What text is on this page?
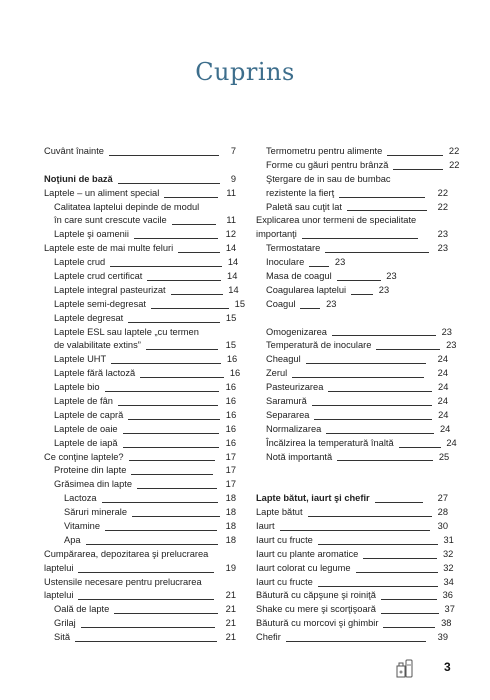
Cuprins
Cuvânt înainte	7
Noţiuni de bază	9
Laptele – un aliment special	11
Calitatea laptelui depinde de modul
în care sunt crescute vacile	11
Laptele şi oamenii	12
Laptele este de mai multe feluri	14
Laptele crud	14
Laptele crud certificat	14
Laptele integral pasteurizat	14
Laptele semi-degresat	15
Laptele degresat	15
Laptele ESL sau laptele „cu termen
de valabilitate extins”	15
Laptele UHT	16
Laptele fără lactoză	16
Laptele bio	16
Laptele de fân	16
Laptele de capră	16
Laptele de oaie	16
Laptele de iapă	16
Ce conţine laptele?	17
Proteine din lapte	17
Grăsimea din lapte	17
Lactoza	18
Săruri minerale	18
Vitamine	18
Apa	18
Cumpărarea, depozitarea şi prelucrarea
laptelui	19
Ustensile necesare pentru prelucrarea
laptelui	21
Oală de lapte	21
Grilaj	21
Sită	21
Termometru pentru alimente	22
Forme cu găuri pentru brânză	22
Ştergare de in sau de bumbac
rezistente la fierţ	22
Paletă sau cuţit lat	22
Explicarea unor termeni de specialitate
importanţi	23
Termostatare	23
Inoculare	23
Masa de coagul	23
Coagularea laptelui	23
Coagul	23
Omogenizarea	23
Temperatură de inoculare	23
Cheagul	24
Zerul	24
Pasteurizarea	24
Saramură	24
Separarea	24
Normalizarea	24
Încălzirea la temperatură înaltă	24
Notă importantă	25
Lapte bătut, iaurt şi chefir	27
Lapte bătut	28
Iaurt	30
Iaurt cu fructe	31
Iaurt cu plante aromatice	32
Iaurt colorat cu legume	32
Iaurt cu fructe	34
Băutură cu căpşune şi roiniţă	36
Shake cu mere şi scorţişoară	37
Băutură cu morcovi şi ghimbir	38
Chefir	39
3
